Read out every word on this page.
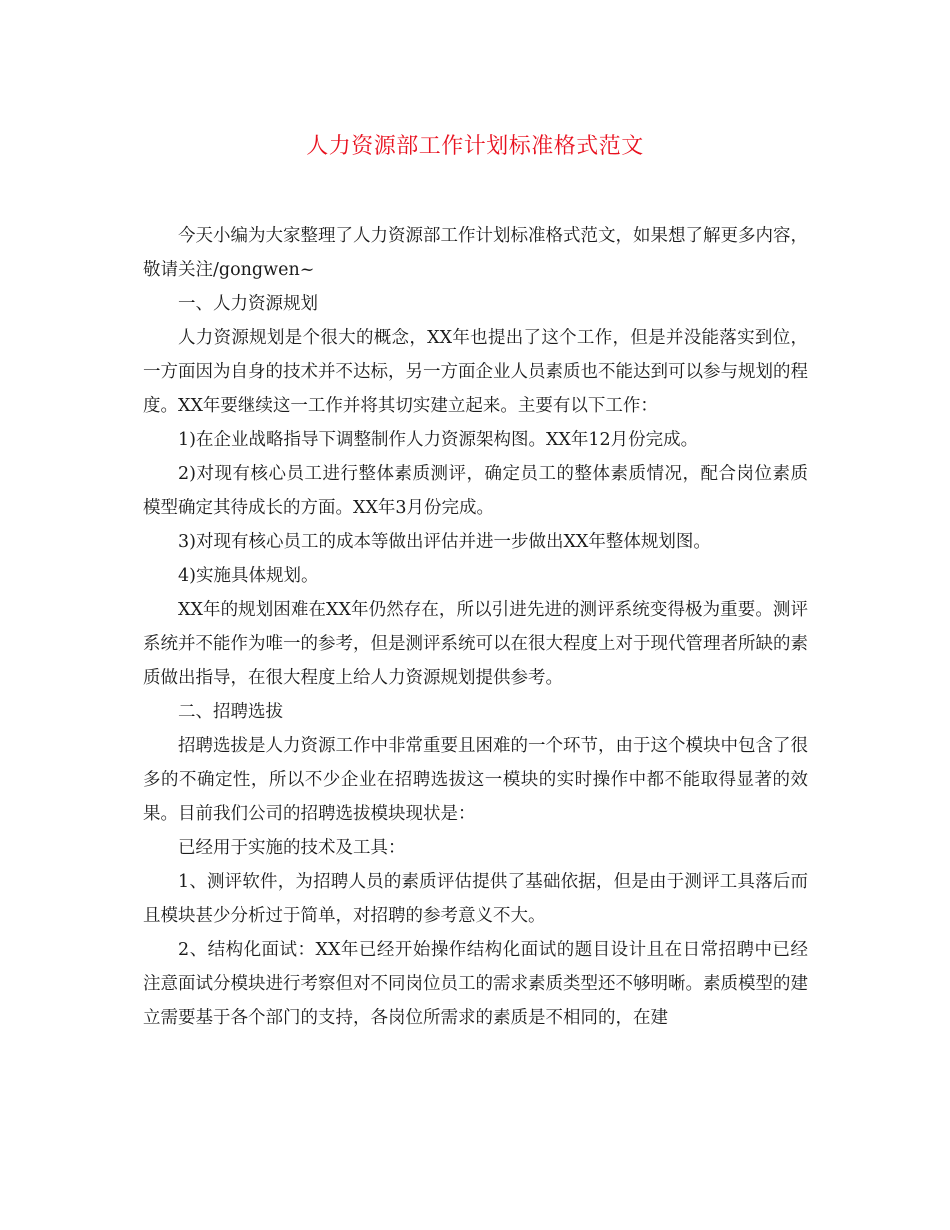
人力资源部工作计划标准格式范文

今天小编为大家整理了人力资源部工作计划标准格式范文，如果想了解更多内容，敬请关注/gongwen~

一、人力资源规划

人力资源规划是个很大的概念，XX年也提出了这个工作，但是并没能落实到位，一方面因为自身的技术并不达标，另一方面企业人员素质也不能达到可以参与规划的程度。XX年要继续这一工作并将其切实建立起来。主要有以下工作：

1)在企业战略指导下调整制作人力资源架构图。XX年12月份完成。

2)对现有核心员工进行整体素质测评，确定员工的整体素质情况，配合岗位素质模型确定其待成长的方面。XX年3月份完成。

3)对现有核心员工的成本等做出评估并进一步做出XX年整体规划图。

4)实施具体规划。

XX年的规划困难在XX年仍然存在，所以引进先进的测评系统变得极为重要。测评系统并不能作为唯一的参考，但是测评系统可以在很大程度上对于现代管理者所缺的素质做出指导，在很大程度上给人力资源规划提供参考。

二、招聘选拔

招聘选拔是人力资源工作中非常重要且困难的一个环节，由于这个模块中包含了很多的不确定性，所以不少企业在招聘选拔这一模块的实时操作中都不能取得显著的效果。目前我们公司的招聘选拔模块现状是：

已经用于实施的技术及工具：

1、测评软件，为招聘人员的素质评估提供了基础依据，但是由于测评工具落后而且模块甚少分析过于简单，对招聘的参考意义不大。

2、结构化面试：XX年已经开始操作结构化面试的题目设计且在日常招聘中已经注意面试分模块进行考察但对不同岗位员工的需求素质类型还不够明晰。素质模型的建立需要基于各个部门的支持，各岗位所需求的素质是不相同的，在建
